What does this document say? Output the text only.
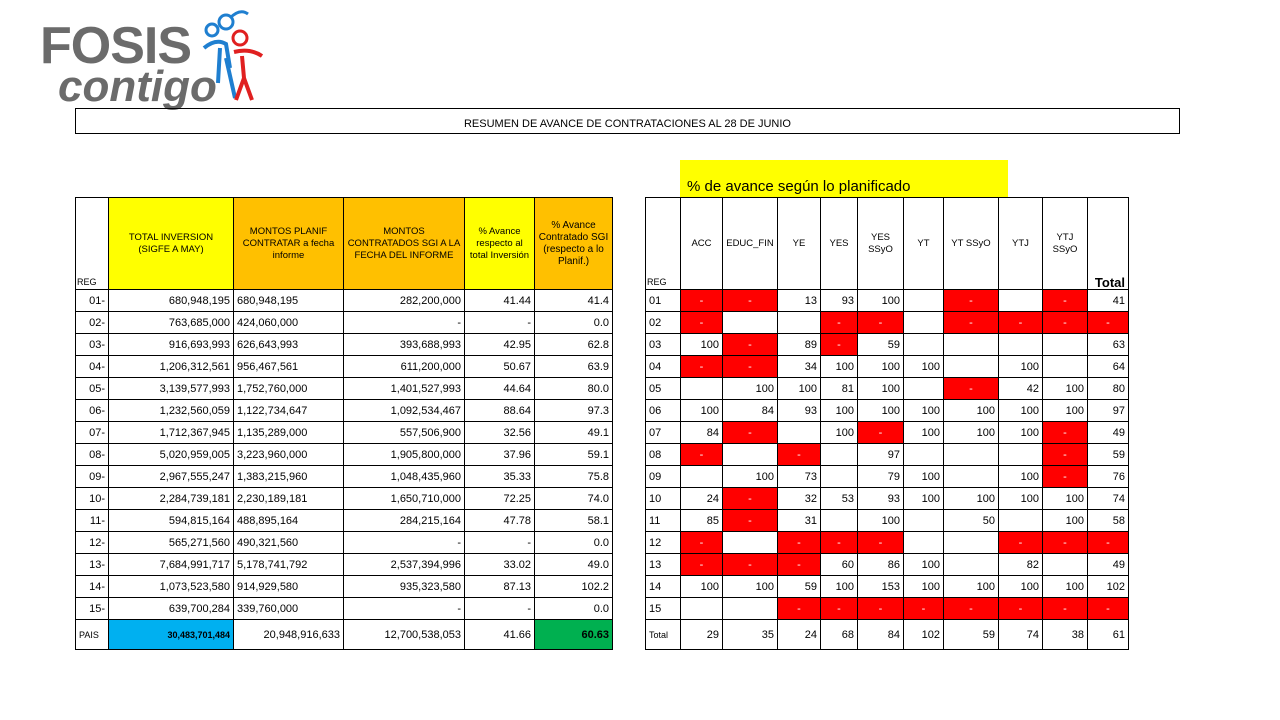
FOSIS
contigo
RESUMEN DE AVANCE DE CONTRATACIONES AL 28 DE JUNIO
% de avance según lo planificado
REG	TOTAL INVERSION (SIGFE A MAY)	MONTOS PLANIF CONTRATAR a fecha informe	MONTOS CONTRATADOS SGI A LA FECHA DEL INFORME	% Avance respecto al total Inversión	% Avance Contratado SGI (respecto a lo Planif.)
01-	680,948,195	680,948,195	282,200,000	41.44	41.4
02-	763,685,000	424,060,000	-	-	0.0
03-	916,693,993	626,643,993	393,688,993	42.95	62.8
04-	1,206,312,561	956,467,561	611,200,000	50.67	63.9
05-	3,139,577,993	1,752,760,000	1,401,527,993	44.64	80.0
06-	1,232,560,059	1,122,734,647	1,092,534,467	88.64	97.3
07-	1,712,367,945	1,135,289,000	557,506,900	32.56	49.1
08-	5,020,959,005	3,223,960,000	1,905,800,000	37.96	59.1
09-	2,967,555,247	1,383,215,960	1,048,435,960	35.33	75.8
10-	2,284,739,181	2,230,189,181	1,650,710,000	72.25	74.0
11-	594,815,164	488,895,164	284,215,164	47.78	58.1
12-	565,271,560	490,321,560	-	-	0.0
13-	7,684,991,717	5,178,741,792	2,537,394,996	33.02	49.0
14-	1,073,523,580	914,929,580	935,323,580	87.13	102.2
15-	639,700,284	339,760,000	-	-	0.0
PAIS	30,483,701,484	20,948,916,633	12,700,538,053	41.66	60.63
REG	ACC	EDUC_FIN	YE	YES	YES SSyO	YT	YT SSyO	YTJ	YTJ SSyO	Total
01	-	-	13	93	100		-		-	41
02	-			-	-		-	-	-	-
03	100	-	89	-	59					63
04	-	-	34	100	100	100		100		64
05		100	100	81	100		-	42	100	80
06	100	84	93	100	100	100	100	100	100	97
07	84	-		100	-	100	100	100	-	49
08	-		-		97				-	59
09		100	73		79	100		100	-	76
10	24	-	32	53	93	100	100	100	100	74
11	85	-	31		100		50		100	58
12	-		-	-	-			-	-	-
13	-	-	-	60	86	100		82		49
14	100	100	59	100	153	100	100	100	100	102
15			-	-	-	-	-	-	-	-
Total	29	35	24	68	84	102	59	74	38	61
